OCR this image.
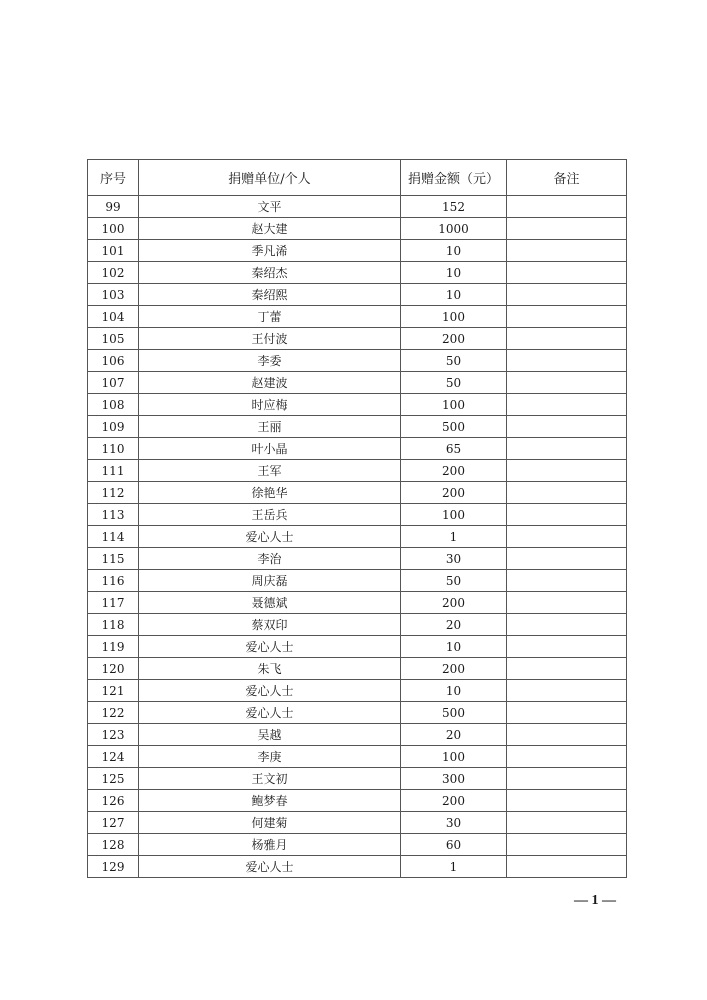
序号	捐赠单位/个人	捐赠金额（元）	备注
99	文平	152	
100	赵大建	1000	
101	季凡浠	10	
102	秦绍杰	10	
103	秦绍熙	10	
104	丁蕾	100	
105	王付波	200	
106	李委	50	
107	赵建波	50	
108	时应梅	100	
109	王丽	500	
110	叶小晶	65	
111	王军	200	
112	徐艳华	200	
113	王岳兵	100	
114	爱心人士	1	
115	李治	30	
116	周庆磊	50	
117	聂德斌	200	
118	蔡双印	20	
119	爱心人士	10	
120	朱飞	200	
121	爱心人士	10	
122	爱心人士	500	
123	吴越	20	
124	李庚	100	
125	王文初	300	
126	鲍梦春	200	
127	何建菊	30	
128	杨雅月	60	
129	爱心人士	1	
— 1 —
